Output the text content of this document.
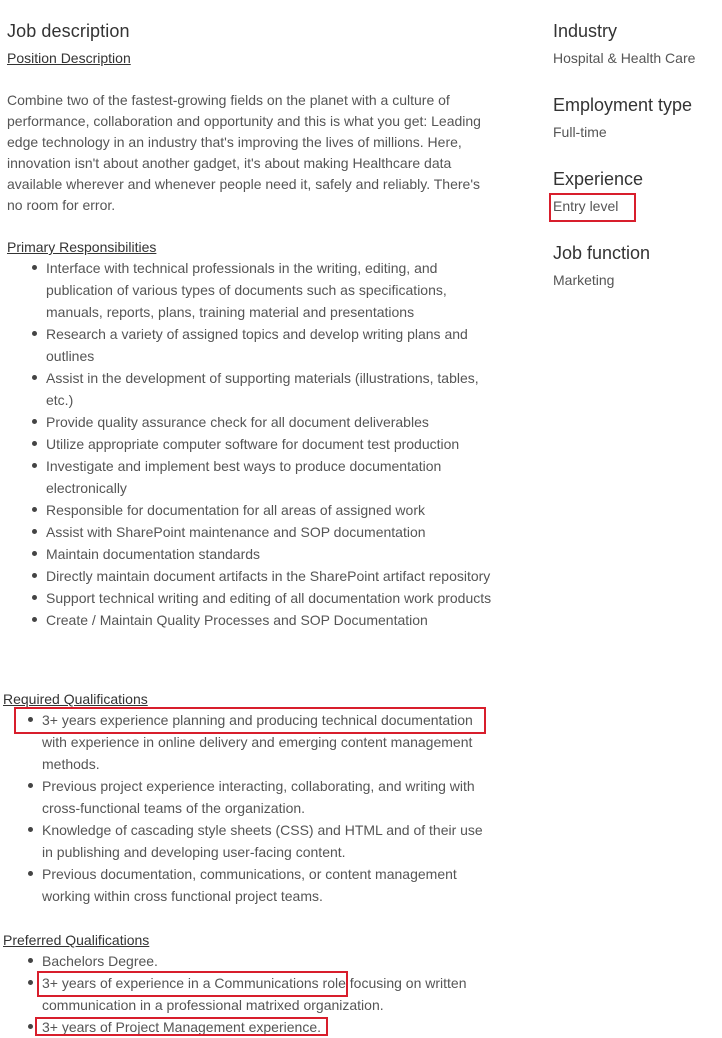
Job description
Position Description

Combine two of the fastest-growing fields on the planet with a culture of performance, collaboration and opportunity and this is what you get: Leading edge technology in an industry that's improving the lives of millions. Here, innovation isn't about another gadget, it's about making Healthcare data available wherever and whenever people need it, safely and reliably. There's no room for error.

Primary Responsibilities
Interface with technical professionals in the writing, editing, and publication of various types of documents such as specifications, manuals, reports, plans, training material and presentations
Research a variety of assigned topics and develop writing plans and outlines
Assist in the development of supporting materials (illustrations, tables, etc.)
Provide quality assurance check for all document deliverables
Utilize appropriate computer software for document test production
Investigate and implement best ways to produce documentation electronically
Responsible for documentation for all areas of assigned work
Assist with SharePoint maintenance and SOP documentation
Maintain documentation standards
Directly maintain document artifacts in the SharePoint artifact repository
Support technical writing and editing of all documentation work products
Create / Maintain Quality Processes and SOP Documentation
Required Qualifications
3+ years experience planning and producing technical documentation with experience in online delivery and emerging content management methods.
Previous project experience interacting, collaborating, and writing with cross-functional teams of the organization.
Knowledge of cascading style sheets (CSS) and HTML and of their use in publishing and developing user-facing content.
Previous documentation, communications, or content management working within cross functional project teams.
Preferred Qualifications
Bachelors Degree.
3+ years of experience in a Communications role focusing on written communication in a professional matrixed organization.
3+ years of Project Management experience.
Industry
Hospital & Health Care
Employment type
Full-time
Experience
Entry level
Job function
Marketing
